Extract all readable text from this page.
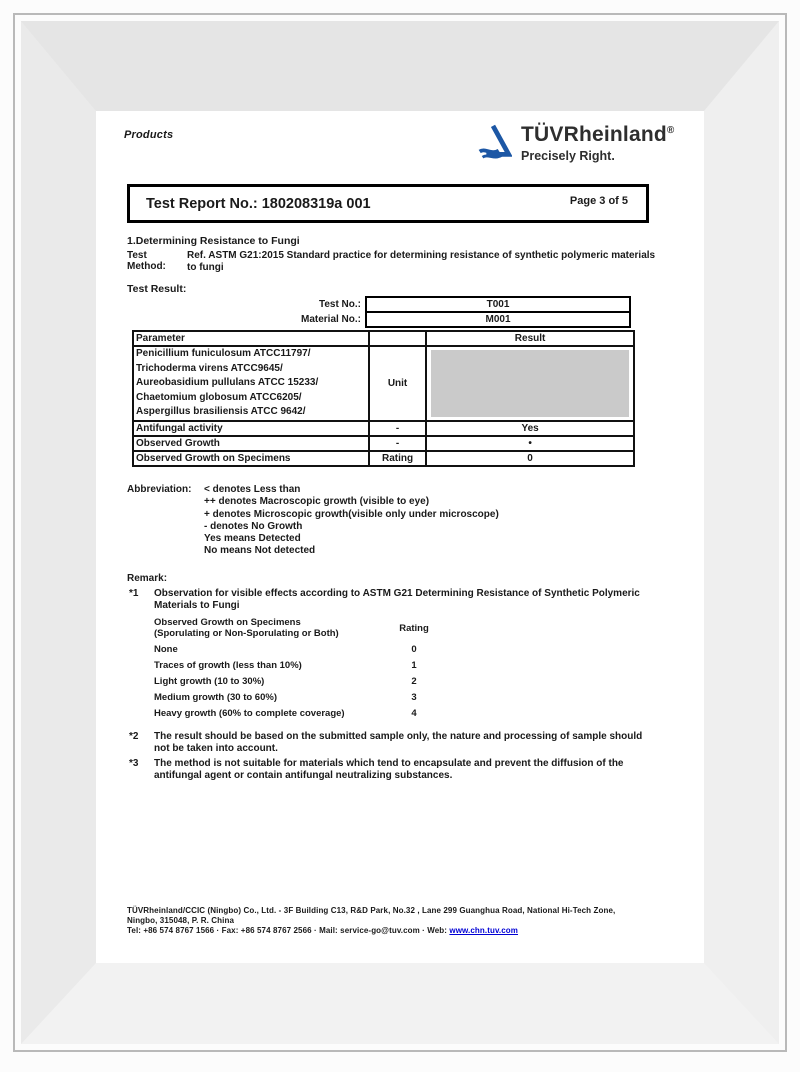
Products	TÜVRheinland®
Precisely Right.
Test Report No.: 180208319a 001	Page 3 of 5
1.Determining Resistance to Fungi
Test Method:
Ref. ASTM G21:2015 Standard practice for determining resistance of synthetic polymeric materials to fungi
Test Result:
Test No.:	T001
Material No.:	M001
Parameter		Result

Penicillium funiculosum ATCC11797/
Trichoderma virens ATCC9645/
Aureobasidium pullulans ATCC 15233/
Chaetomium globosum ATCC6205/
Aspergillus brasiliensis ATCC 9642/	Unit	

Antifungal activity	-	Yes
Observed Growth	-	•
Observed Growth on Specimens	Rating	0
Abbreviation:	< denotes Less than
++ denotes Macroscopic growth (visible to eye)
+ denotes Microscopic growth(visible only under microscope)
- denotes No Growth
Yes means Detected
No means Not detected
Remark:
*1	Observation for visible effects according to ASTM G21 Determining Resistance of Synthetic Polymeric Materials to Fungi
Observed Growth on Specimens
(Sporulating or Non-Sporulating or Both)	Rating
None	0
Traces of growth (less than 10%)	1
Light growth (10 to 30%)	2
Medium growth (30 to 60%)	3
Heavy growth (60% to complete coverage)	4
*2	The result should be based on the submitted sample only, the nature and processing of sample should not be taken into account.
*3	The method is not suitable for materials which tend to encapsulate and prevent the diffusion of the antifungal agent or contain antifungal neutralizing substances.
TÜVRheinland/CCIC (Ningbo) Co., Ltd. - 3F Building C13, R&D Park, No.32 , Lane 299 Guanghua Road, National Hi-Tech Zone,
Ningbo, 315048, P. R. China
Tel: +86 574 8767 1566 · Fax: +86 574 8767 2566 · Mail: service-go@tuv.com · Web: www.chn.tuv.com
